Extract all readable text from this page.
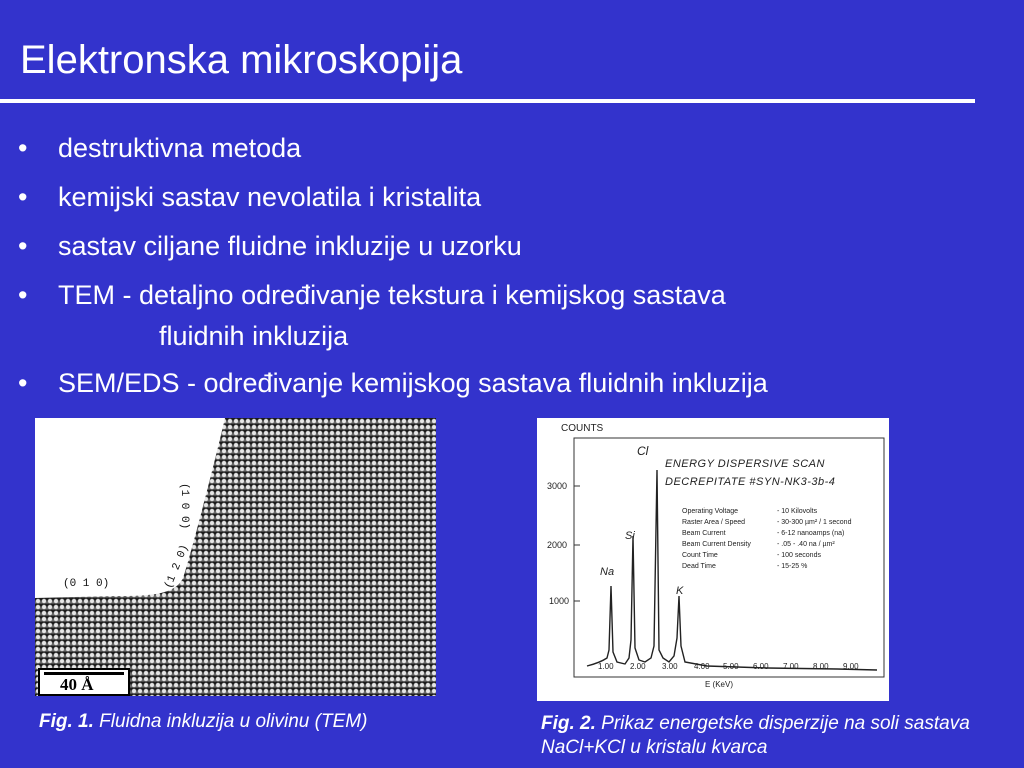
Elektronska mikroskopija
• destruktivna metoda
• kemijski sastav nevolatila i kristalita
• sastav ciljane fluidne inkluzije u uzorku
• TEM - detaljno određivanje tekstura i kemijskog sastava
fluidnih inkluzija
• SEM/EDS - određivanje kemijskog sastava fluidnih inkluzija
(1 0 0)
(1 2 0)
(0 1 0)
40 Å
Fig. 1. Fluidna inkluzija u olivinu (TEM)
COUNTS
3000
2000
1000
Cl
Si
Na
K
ENERGY DISPERSIVE SCAN
DECREPITATE #SYN-NK3-3b-4
Operating Voltage	- 10 Kilovolts
Raster Area / Speed	- 30-300 µm² / 1 second
Beam Current	- 6-12 nanoamps (na)
Beam Current Density	- .05 - .40 na / µm²
Count Time	- 100 seconds
Dead Time	- 15-25 %
1.00 2.00 3.00 4.00 5.00 6.00 7.00 8.00 9.00
E (KeV)
Fig. 2. Prikaz energetske disperzije na soli sastava NaCl+KCl u kristalu kvarca
